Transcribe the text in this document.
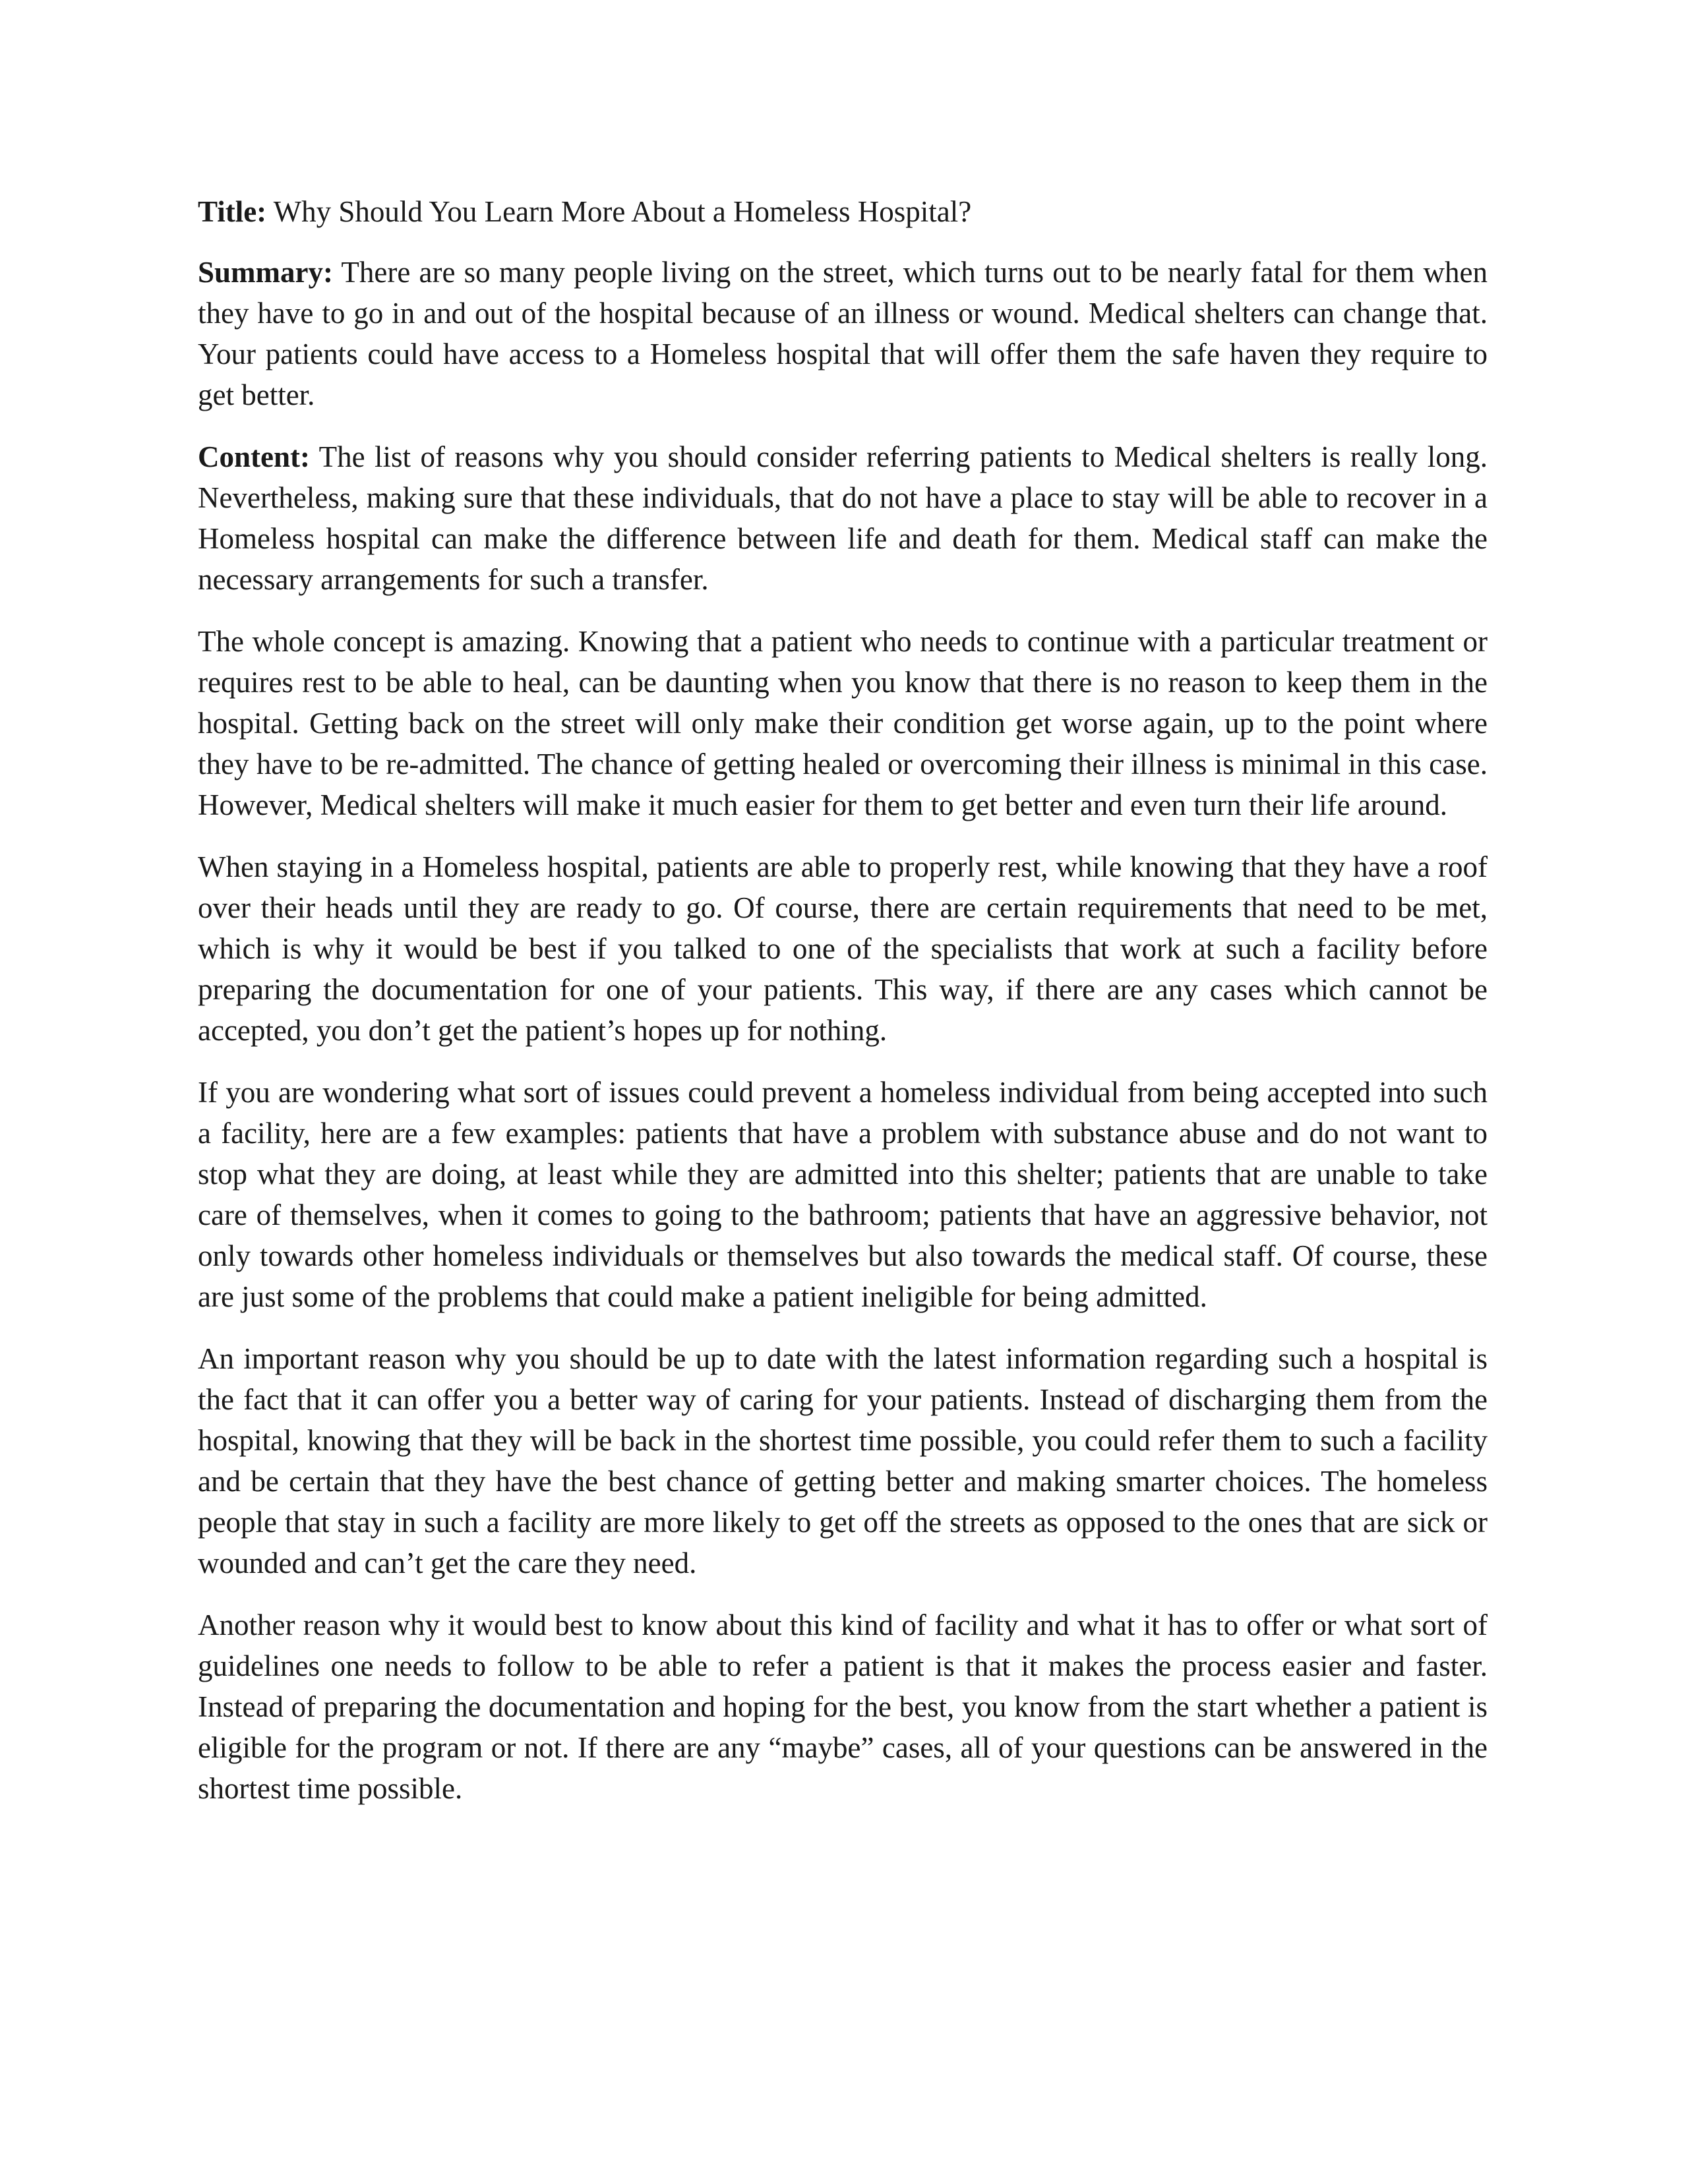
Title: Why Should You Learn More About a Homeless Hospital?

Summary: There are so many people living on the street, which turns out to be nearly fatal for them when they have to go in and out of the hospital because of an illness or wound. Medical shelters can change that. Your patients could have access to a Homeless hospital that will offer them the safe haven they require to get better.

Content: The list of reasons why you should consider referring patients to Medical shelters is really long. Nevertheless, making sure that these individuals, that do not have a place to stay will be able to recover in a Homeless hospital can make the difference between life and death for them. Medical staff can make the necessary arrangements for such a transfer.

The whole concept is amazing. Knowing that a patient who needs to continue with a particular treatment or requires rest to be able to heal, can be daunting when you know that there is no reason to keep them in the hospital. Getting back on the street will only make their condition get worse again, up to the point where they have to be re-admitted. The chance of getting healed or overcoming their illness is minimal in this case. However, Medical shelters will make it much easier for them to get better and even turn their life around.

When staying in a Homeless hospital, patients are able to properly rest, while knowing that they have a roof over their heads until they are ready to go. Of course, there are certain requirements that need to be met, which is why it would be best if you talked to one of the specialists that work at such a facility before preparing the documentation for one of your patients. This way, if there are any cases which cannot be accepted, you don’t get the patient’s hopes up for nothing.

If you are wondering what sort of issues could prevent a homeless individual from being accepted into such a facility, here are a few examples: patients that have a problem with substance abuse and do not want to stop what they are doing, at least while they are admitted into this shelter; patients that are unable to take care of themselves, when it comes to going to the bathroom; patients that have an aggressive behavior, not only towards other homeless individuals or themselves but also towards the medical staff. Of course, these are just some of the problems that could make a patient ineligible for being admitted.

An important reason why you should be up to date with the latest information regarding such a hospital is the fact that it can offer you a better way of caring for your patients. Instead of discharging them from the hospital, knowing that they will be back in the shortest time possible, you could refer them to such a facility and be certain that they have the best chance of getting better and making smarter choices. The homeless people that stay in such a facility are more likely to get off the streets as opposed to the ones that are sick or wounded and can’t get the care they need.

Another reason why it would best to know about this kind of facility and what it has to offer or what sort of guidelines one needs to follow to be able to refer a patient is that it makes the process easier and faster. Instead of preparing the documentation and hoping for the best, you know from the start whether a patient is eligible for the program or not. If there are any “maybe” cases, all of your questions can be answered in the shortest time possible.
